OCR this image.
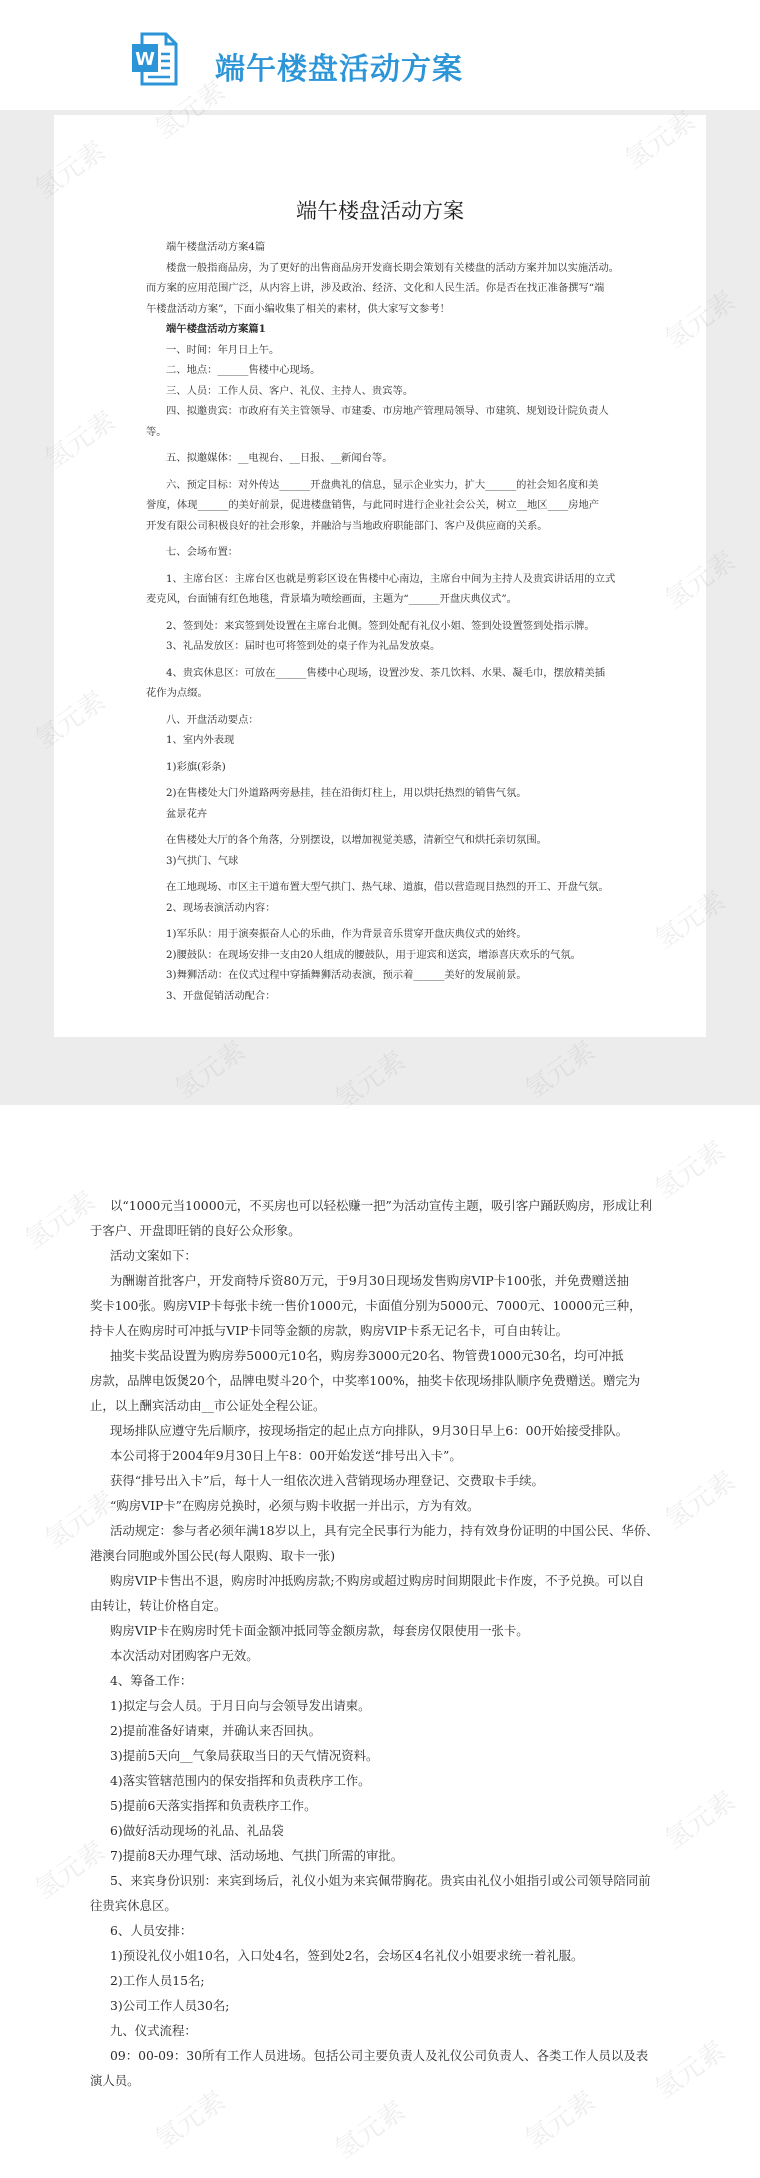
W 端午楼盘活动方案
端午楼盘活动方案

端午楼盘活动方案4篇

楼盘一般指商品房，为了更好的出售商品房开发商长期会策划有关楼盘的活动方案并加以实施活动。

而方案的应用范围广泛，从内容上讲，涉及政治、经济、文化和人民生活。你是否在找正准备撰写“端

午楼盘活动方案”，下面小编收集了相关的素材，供大家写文参考！

端午楼盘活动方案篇1

一、时间：年月日上午。

二、地点：______售楼中心现场。

三、人员：工作人员、客户、礼仪、主持人、贵宾等。

四、拟邀贵宾：市政府有关主管领导、市建委、市房地产管理局领导、市建筑、规划设计院负责人

等。

五、拟邀媒体：__电视台、__日报、__新闻台等。

六、预定目标：对外传达______开盘典礼的信息，显示企业实力，扩大______的社会知名度和美

誉度，体现______的美好前景，促进楼盘销售，与此同时进行企业社会公关，树立__地区____房地产

开发有限公司积极良好的社会形象，并融洽与当地政府职能部门、客户及供应商的关系。

七、会场布置：

1、主席台区：主席台区也就是剪彩区设在售楼中心南边，主席台中间为主持人及贵宾讲话用的立式

麦克风，台面铺有红色地毯，背景墙为喷绘画面，主题为“______开盘庆典仪式”。

2、签到处：来宾签到处设置在主席台北侧。签到处配有礼仪小姐、签到处设置签到处指示牌。

3、礼品发放区：届时也可将签到处的桌子作为礼品发放桌。

4、贵宾休息区：可放在______售楼中心现场，设置沙发、茶几饮料、水果、凝毛巾，摆放精美插

花作为点缀。

八、开盘活动要点：

1、室内外表现

1)彩旗(彩条)

2)在售楼处大门外道路两旁悬挂，挂在沿街灯柱上，用以烘托热烈的销售气氛。

盆景花卉

在售楼处大厅的各个角落，分别摆设，以增加视觉美感，清新空气和烘托亲切氛围。

3)气拱门、气球

在工地现场、市区主干道布置大型气拱门、热气球、道旗，借以营造现目热烈的开工、开盘气氛。

2、现场表演活动内容：

1)军乐队：用于演奏振奋人心的乐曲，作为背景音乐贯穿开盘庆典仪式的始终。

2)腰鼓队：在现场安排一支由20人组成的腰鼓队，用于迎宾和送宾，增添喜庆欢乐的气氛。

3)舞狮活动：在仪式过程中穿插舞狮活动表演，预示着______美好的发展前景。

3、开盘促销活动配合：

以“1000元当10000元，不买房也可以轻松赚一把”为活动宣传主题，吸引客户踊跃购房，形成让利

于客户、开盘即旺销的良好公众形象。

活动文案如下：

为酬谢首批客户，开发商特斥资80万元，于9月30日现场发售购房VIP卡100张，并免费赠送抽

奖卡100张。购房VIP卡每张卡统一售价1000元，卡面值分别为5000元、7000元、10000元三种，

持卡人在购房时可冲抵与VIP卡同等金额的房款，购房VIP卡系无记名卡，可自由转让。

抽奖卡奖品设置为购房券5000元10名，购房券3000元20名、物管费1000元30名，均可冲抵

房款，品牌电饭煲20个，品牌电熨斗20个，中奖率100%，抽奖卡依现场排队顺序免费赠送。赠完为

止，以上酬宾活动由__市公证处全程公证。

现场排队应遵守先后顺序，按现场指定的起止点方向排队，9月30日早上6：00开始接受排队。

本公司将于2004年9月30日上午8：00开始发送“排号出入卡”。

获得“排号出入卡”后，每十人一组依次进入营销现场办理登记、交费取卡手续。

“购房VIP卡”在购房兑换时，必须与购卡收据一并出示，方为有效。

活动规定：参与者必须年满18岁以上，具有完全民事行为能力，持有效身份证明的中国公民、华侨、

港澳台同胞或外国公民(每人限购、取卡一张)

购房VIP卡售出不退，购房时冲抵购房款;不购房或超过购房时间期限此卡作废，不予兑换。可以自

由转让，转让价格自定。

购房VIP卡在购房时凭卡面金额冲抵同等金额房款，每套房仅限使用一张卡。

本次活动对团购客户无效。

4、筹备工作：

1)拟定与会人员。于月日向与会领导发出请柬。

2)提前准备好请柬，并确认来否回执。

3)提前5天向__气象局获取当日的天气情况资料。

4)落实管辖范围内的保安指挥和负责秩序工作。

5)提前6天落实指挥和负责秩序工作。

6)做好活动现场的礼品、礼品袋

7)提前8天办理气球、活动场地、气拱门所需的审批。

5、来宾身份识别：来宾到场后，礼仪小姐为来宾佩带胸花。贵宾由礼仪小姐指引或公司领导陪同前

往贵宾休息区。

6、人员安排：

1)预设礼仪小姐10名，入口处4名，签到处2名，会场区4名礼仪小姐要求统一着礼服。

2)工作人员15名;

3)公司工作人员30名;

九、仪式流程：

09：00-09：30所有工作人员进场。包括公司主要负责人及礼仪公司负责人、各类工作人员以及表

演人员。
